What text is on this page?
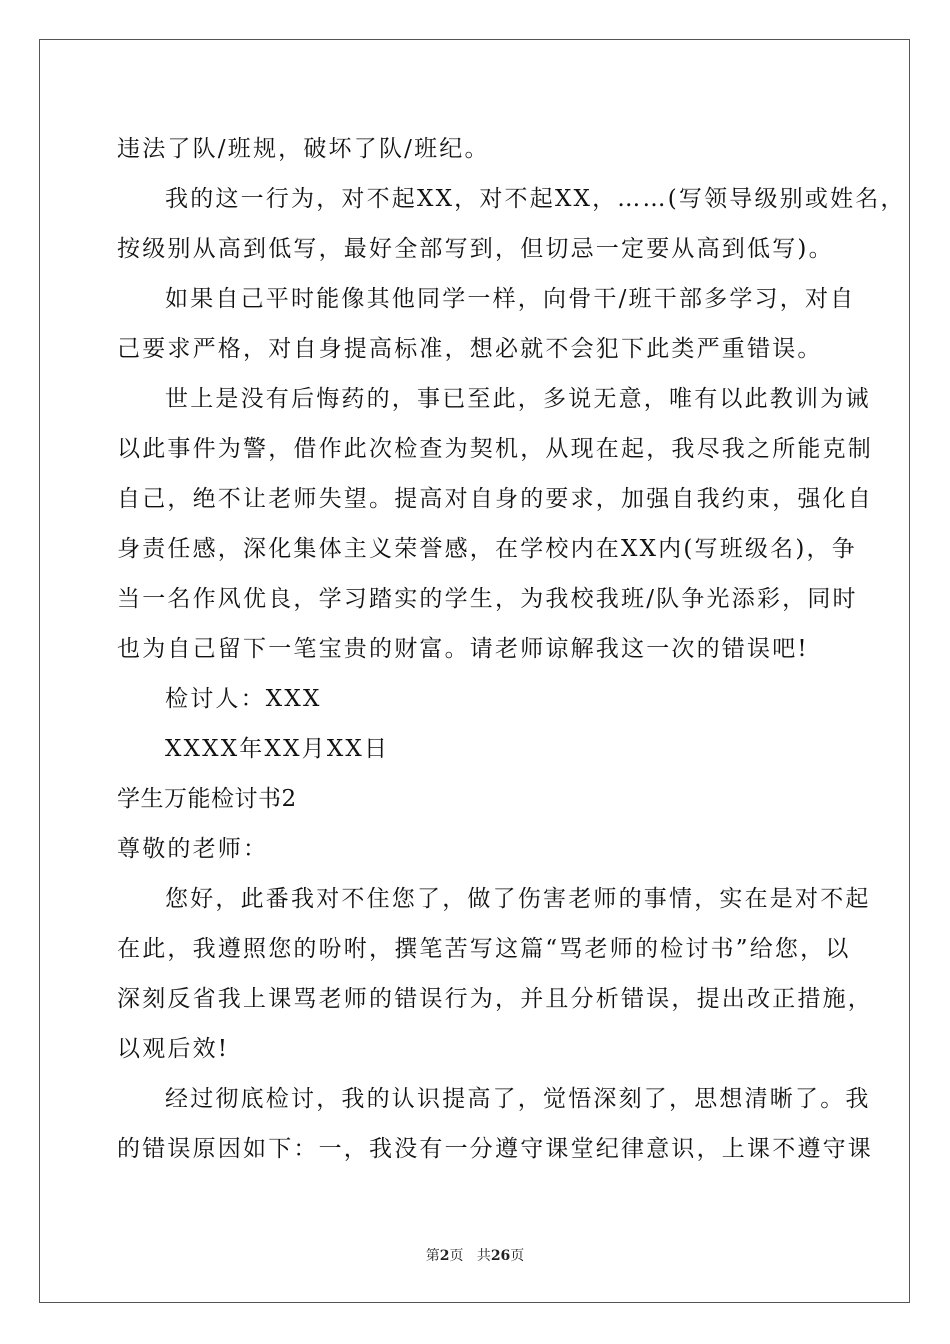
违法了队/班规，破坏了队/班纪。
我的这一行为，对不起XX，对不起XX，……(写领导级别或姓名，
按级别从高到低写，最好全部写到，但切忌一定要从高到低写)。
如果自己平时能像其他同学一样，向骨干/班干部多学习，对自
己要求严格，对自身提高标准，想必就不会犯下此类严重错误。
世上是没有后悔药的，事已至此，多说无意，唯有以此教训为诫
以此事件为警，借作此次检查为契机，从现在起，我尽我之所能克制
自己，绝不让老师失望。提高对自身的要求，加强自我约束，强化自
身责任感，深化集体主义荣誉感，在学校内在XX内(写班级名)，争
当一名作风优良，学习踏实的学生，为我校我班/队争光添彩，同时
也为自己留下一笔宝贵的财富。请老师谅解我这一次的错误吧!
检讨人：XXX
XXXX年XX月XX日
学生万能检讨书2
尊敬的老师：
您好，此番我对不住您了，做了伤害老师的事情，实在是对不起
在此，我遵照您的吩咐，撰笔苦写这篇“骂老师的检讨书”给您，以
深刻反省我上课骂老师的错误行为，并且分析错误，提出改正措施，
以观后效!
经过彻底检讨，我的认识提高了，觉悟深刻了，思想清晰了。我
的错误原因如下：一，我没有一分遵守课堂纪律意识，上课不遵守课
第2页 共26页
